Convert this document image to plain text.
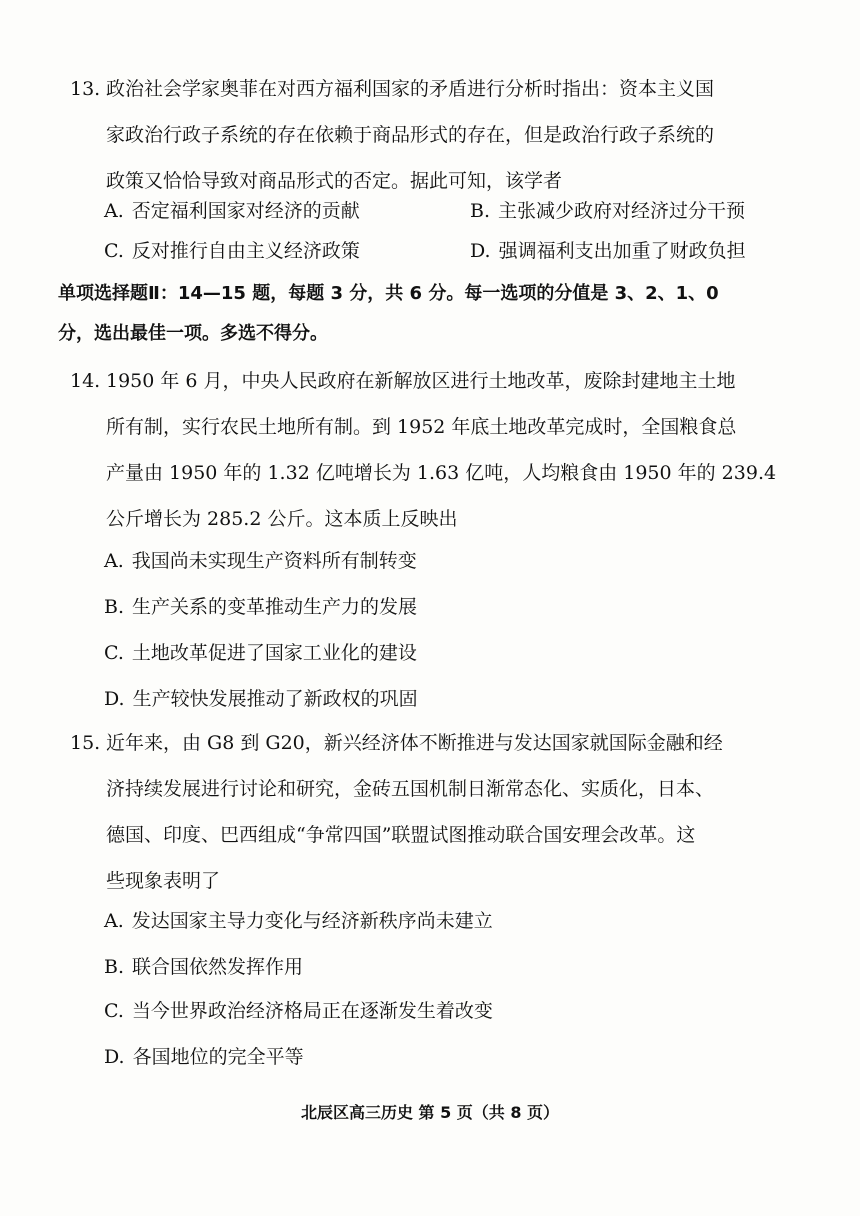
13. 政治社会学家奥菲在对西方福利国家的矛盾进行分析时指出：资本主义国
家政治行政子系统的存在依赖于商品形式的存在，但是政治行政子系统的
政策又恰恰导致对商品形式的否定。据此可知，该学者
A. 否定福利国家对经济的贡献	B. 主张减少政府对经济过分干预
C. 反对推行自由主义经济政策	D. 强调福利支出加重了财政负担
单项选择题Ⅱ：14—15 题，每题 3 分，共 6 分。每一选项的分值是 3、2、1、0
分，选出最佳一项。多选不得分。
14. 1950 年 6 月，中央人民政府在新解放区进行土地改革，废除封建地主土地
所有制，实行农民土地所有制。到 1952 年底土地改革完成时，全国粮食总
产量由 1950 年的 1.32 亿吨增长为 1.63 亿吨，人均粮食由 1950 年的 239.4
公斤增长为 285.2 公斤。这本质上反映出
A. 我国尚未实现生产资料所有制转变
B. 生产关系的变革推动生产力的发展
C. 土地改革促进了国家工业化的建设
D. 生产较快发展推动了新政权的巩固
15. 近年来，由 G8 到 G20，新兴经济体不断推进与发达国家就国际金融和经
济持续发展进行讨论和研究，金砖五国机制日渐常态化、实质化，日本、
德国、印度、巴西组成“争常四国”联盟试图推动联合国安理会改革。这
些现象表明了
A. 发达国家主导力变化与经济新秩序尚未建立
B. 联合国依然发挥作用
C. 当今世界政治经济格局正在逐渐发生着改变
D. 各国地位的完全平等
北辰区高三历史 第 5 页（共 8 页）
